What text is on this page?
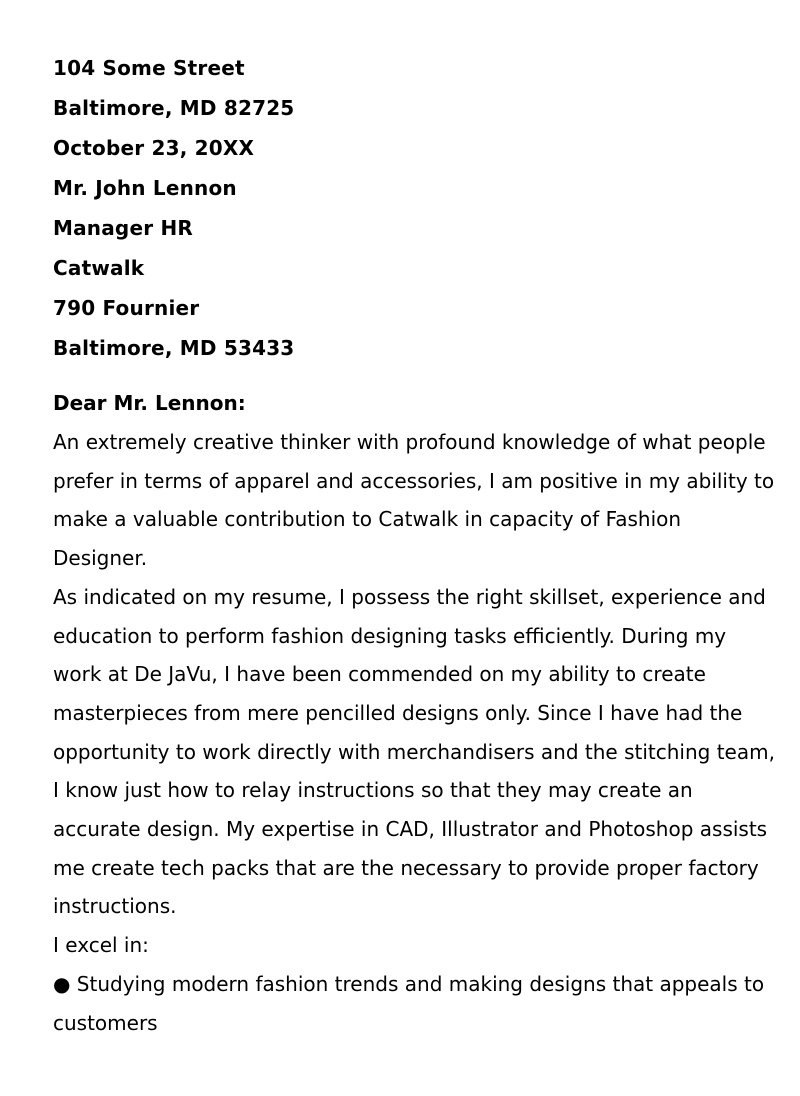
104 Some Street
Baltimore, MD 82725
October 23, 20XX
Mr. John Lennon
Manager HR
Catwalk
790 Fournier
Baltimore, MD 53433
Dear Mr. Lennon:

An extremely creative thinker with profound knowledge of what people
prefer in terms of apparel and accessories, I am positive in my ability to
make a valuable contribution to Catwalk in capacity of Fashion
Designer.

As indicated on my resume, I possess the right skillset, experience and
education to perform fashion designing tasks efficiently. During my
work at De JaVu, I have been commended on my ability to create
masterpieces from mere pencilled designs only. Since I have had the
opportunity to work directly with merchandisers and the stitching team,
I know just how to relay instructions so that they may create an
accurate design. My expertise in CAD, Illustrator and Photoshop assists
me create tech packs that are the necessary to provide proper factory
instructions.

I excel in:

● Studying modern fashion trends and making designs that appeals to
customers
